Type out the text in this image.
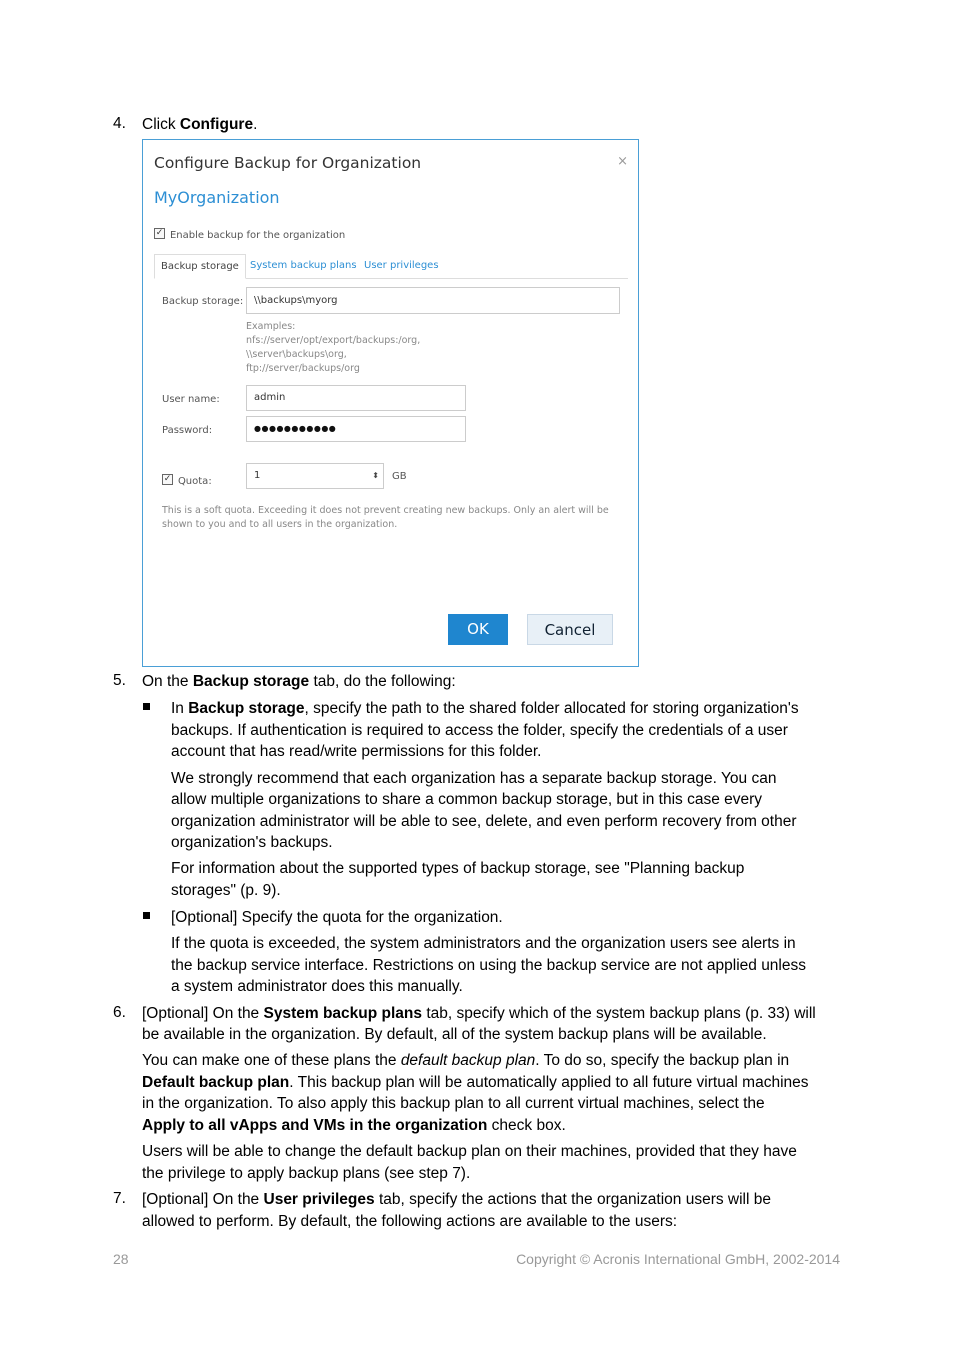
4.	Click Configure.
Configure Backup for Organization	×
MyOrganization
✓ Enable backup for the organization
Backup storage	System backup plans User privileges
Backup storage:	\\backups\myorg
Examples:
nfs://server/opt/export/backups:/org,
\\server\backups\org,
ftp://server/backups/org
User name:	admin
Password:	●●●●●●●●●●●
✓ Quota:
1	⬍ GB
This is a soft quota. Exceeding it does not prevent creating new backups. Only an alert will be
shown to you and to all users in the organization.
OK	Cancel
5.	On the Backup storage tab, do the following:
In Backup storage, specify the path to the shared folder allocated for storing organization's
backups. If authentication is required to access the folder, specify the credentials of a user
account that has read/write permissions for this folder.
We strongly recommend that each organization has a separate backup storage. You can
allow multiple organizations to share a common backup storage, but in this case every
organization administrator will be able to see, delete, and even perform recovery from other
organization's backups.
For information about the supported types of backup storage, see "Planning backup
storages" (p. 9).
[Optional] Specify the quota for the organization.
If the quota is exceeded, the system administrators and the organization users see alerts in
the backup service interface. Restrictions on using the backup service are not applied unless
a system administrator does this manually.
6.	[Optional] On the System backup plans tab, specify which of the system backup plans (p. 33) will
be available in the organization. By default, all of the system backup plans will be available.
You can make one of these plans the default backup plan. To do so, specify the backup plan in
Default backup plan. This backup plan will be automatically applied to all future virtual machines
in the organization. To also apply this backup plan to all current virtual machines, select the
Apply to all vApps and VMs in the organization check box.
Users will be able to change the default backup plan on their machines, provided that they have
the privilege to apply backup plans (see step 7).
7.	[Optional] On the User privileges tab, specify the actions that the organization users will be
allowed to perform. By default, the following actions are available to the users:
28	Copyright © Acronis International GmbH, 2002-2014
